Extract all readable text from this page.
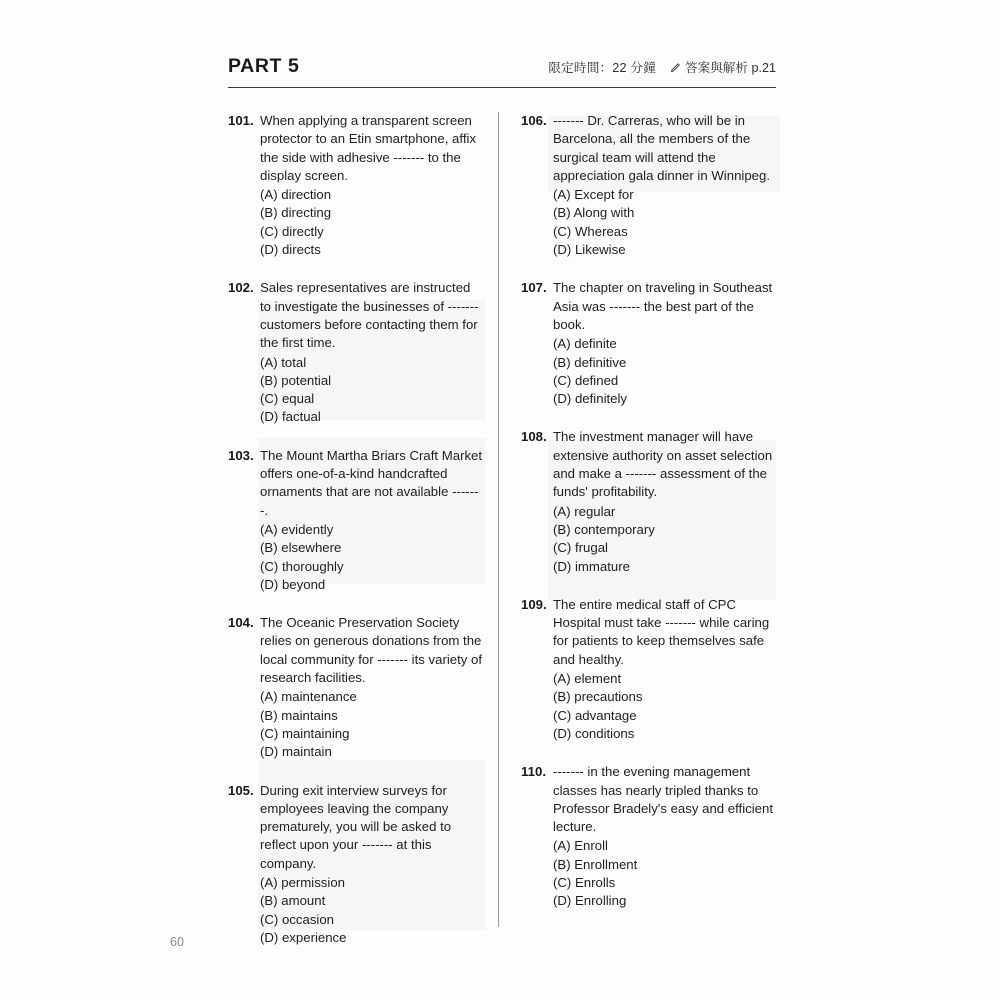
PART 5	限定時間：22 分鐘 答案與解析 p.21
101. When applying a transparent screen protector to an Etin smartphone, affix the side with adhesive ------- to the display screen.
(A) direction
(B) directing
(C) directly
(D) directs
102. Sales representatives are instructed to investigate the businesses of ------- customers before contacting them for the first time.
(A) total
(B) potential
(C) equal
(D) factual
103. The Mount Martha Briars Craft Market offers one-of-a-kind handcrafted ornaments that are not available -------.
(A) evidently
(B) elsewhere
(C) thoroughly
(D) beyond
104. The Oceanic Preservation Society relies on generous donations from the local community for ------- its variety of research facilities.
(A) maintenance
(B) maintains
(C) maintaining
(D) maintain
105. During exit interview surveys for employees leaving the company prematurely, you will be asked to reflect upon your ------- at this company.
(A) permission
(B) amount
(C) occasion
(D) experience
106. ------- Dr. Carreras, who will be in Barcelona, all the members of the surgical team will attend the appreciation gala dinner in Winnipeg.
(A) Except for
(B) Along with
(C) Whereas
(D) Likewise
107. The chapter on traveling in Southeast Asia was ------- the best part of the book.
(A) definite
(B) definitive
(C) defined
(D) definitely
108. The investment manager will have extensive authority on asset selection and make a ------- assessment of the funds' profitability.
(A) regular
(B) contemporary
(C) frugal
(D) immature
109. The entire medical staff of CPC Hospital must take ------- while caring for patients to keep themselves safe and healthy.
(A) element
(B) precautions
(C) advantage
(D) conditions
110. ------- in the evening management classes has nearly tripled thanks to Professor Bradely's easy and efficient lecture.
(A) Enroll
(B) Enrollment
(C) Enrolls
(D) Enrolling
60
